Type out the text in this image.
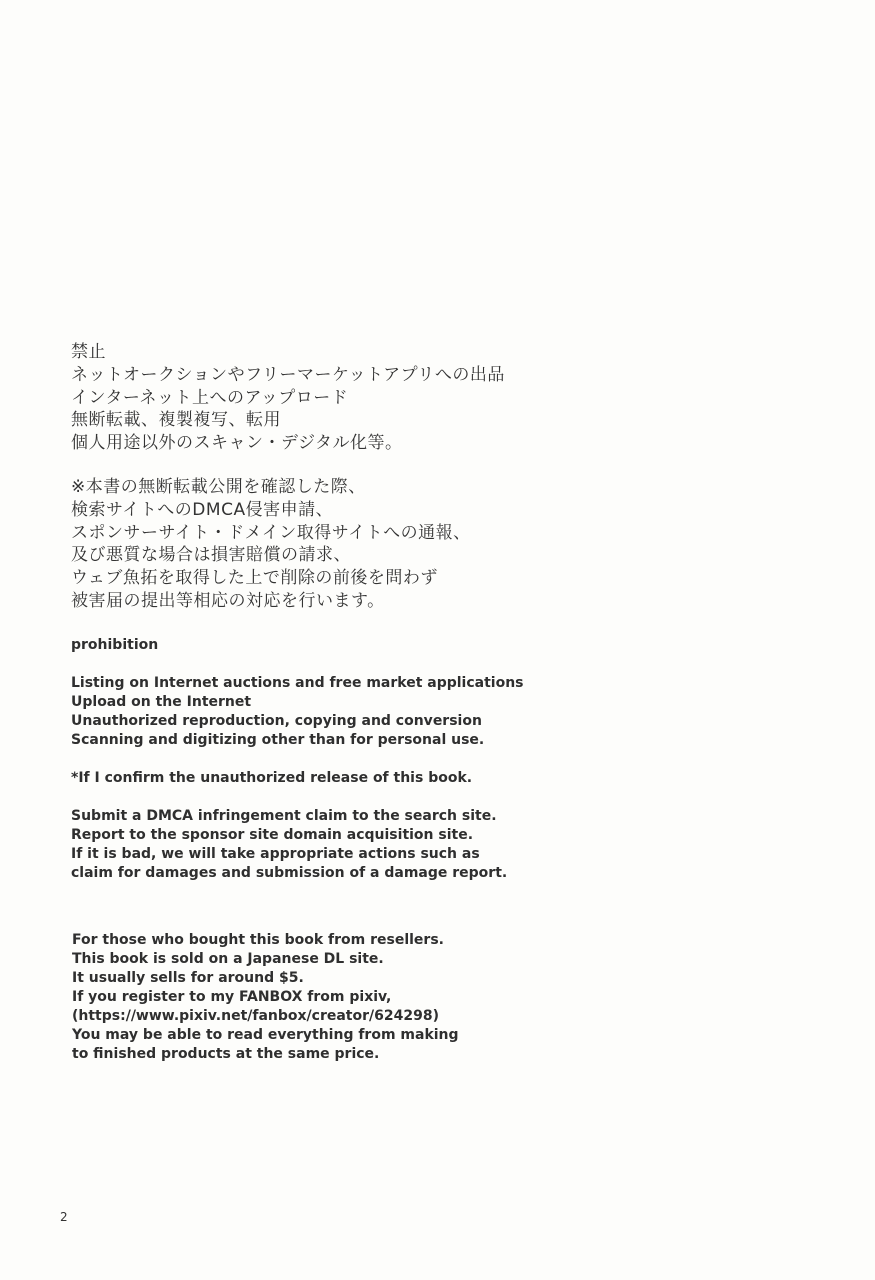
禁止
ネットオークションやフリーマーケットアプリへの出品
インターネット上へのアップロード
無断転載、複製複写、転用
個人用途以外のスキャン・デジタル化等。
※本書の無断転載公開を確認した際、
検索サイトへのDMCA侵害申請、
スポンサーサイト・ドメイン取得サイトへの通報、
及び悪質な場合は損害賠償の請求、
ウェブ魚拓を取得した上で削除の前後を問わず
被害届の提出等相応の対応を行います。
prohibition
Listing on Internet auctions and free market applications
Upload on the Internet
Unauthorized reproduction, copying and conversion
Scanning and digitizing other than for personal use.
*If I confirm the unauthorized release of this book.
Submit a DMCA infringement claim to the search site.
Report to the sponsor site domain acquisition site.
If it is bad, we will take appropriate actions such as
claim for damages and submission of a damage report.
For those who bought this book from resellers.
This book is sold on a Japanese DL site.
It usually sells for around $5.
If you register to my FANBOX from pixiv,
(https://www.pixiv.net/fanbox/creator/624298)
You may be able to read everything from making
to finished products at the same price.
2
